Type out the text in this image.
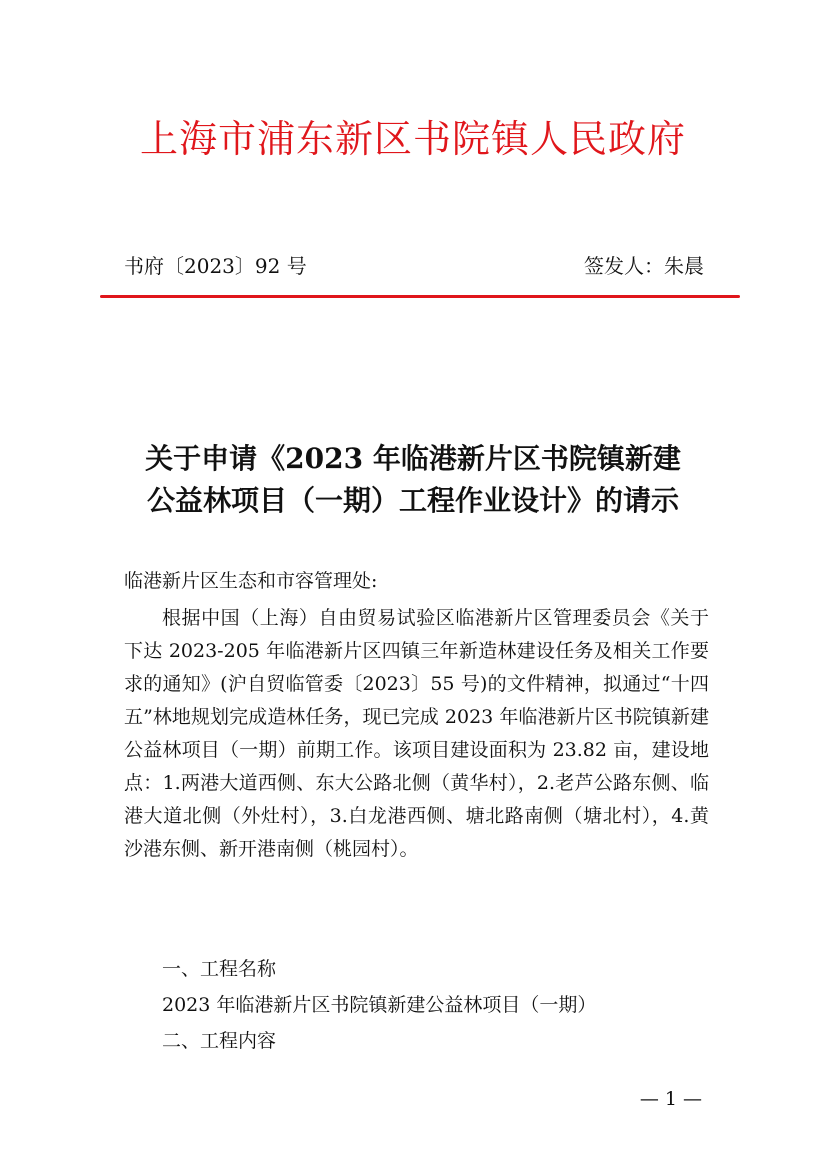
上海市浦东新区书院镇人民政府
书府〔2023〕92 号	签发人：朱晨
关于申请《2023 年临港新片区书院镇新建
公益林项目（一期）工程作业设计》的请示
临港新片区生态和市容管理处:

根据中国（上海）自由贸易试验区临港新片区管理委员会《关于下达 2023-205 年临港新片区四镇三年新造林建设任务及相关工作要求的通知》(沪自贸临管委〔2023〕55 号)的文件精神，拟通过“十四五”林地规划完成造林任务，现已完成 2023 年临港新片区书院镇新建公益林项目（一期）前期工作。该项目建设面积为 23.82 亩，建设地点：1.两港大道西侧、东大公路北侧（黄华村），2.老芦公路东侧、临港大道北侧（外灶村），3.白龙港西侧、塘北路南侧（塘北村），4.黄沙港东侧、新开港南侧（桃园村）。

一、工程名称
2023 年临港新片区书院镇新建公益林项目（一期）
二、工程内容
— 1 —
